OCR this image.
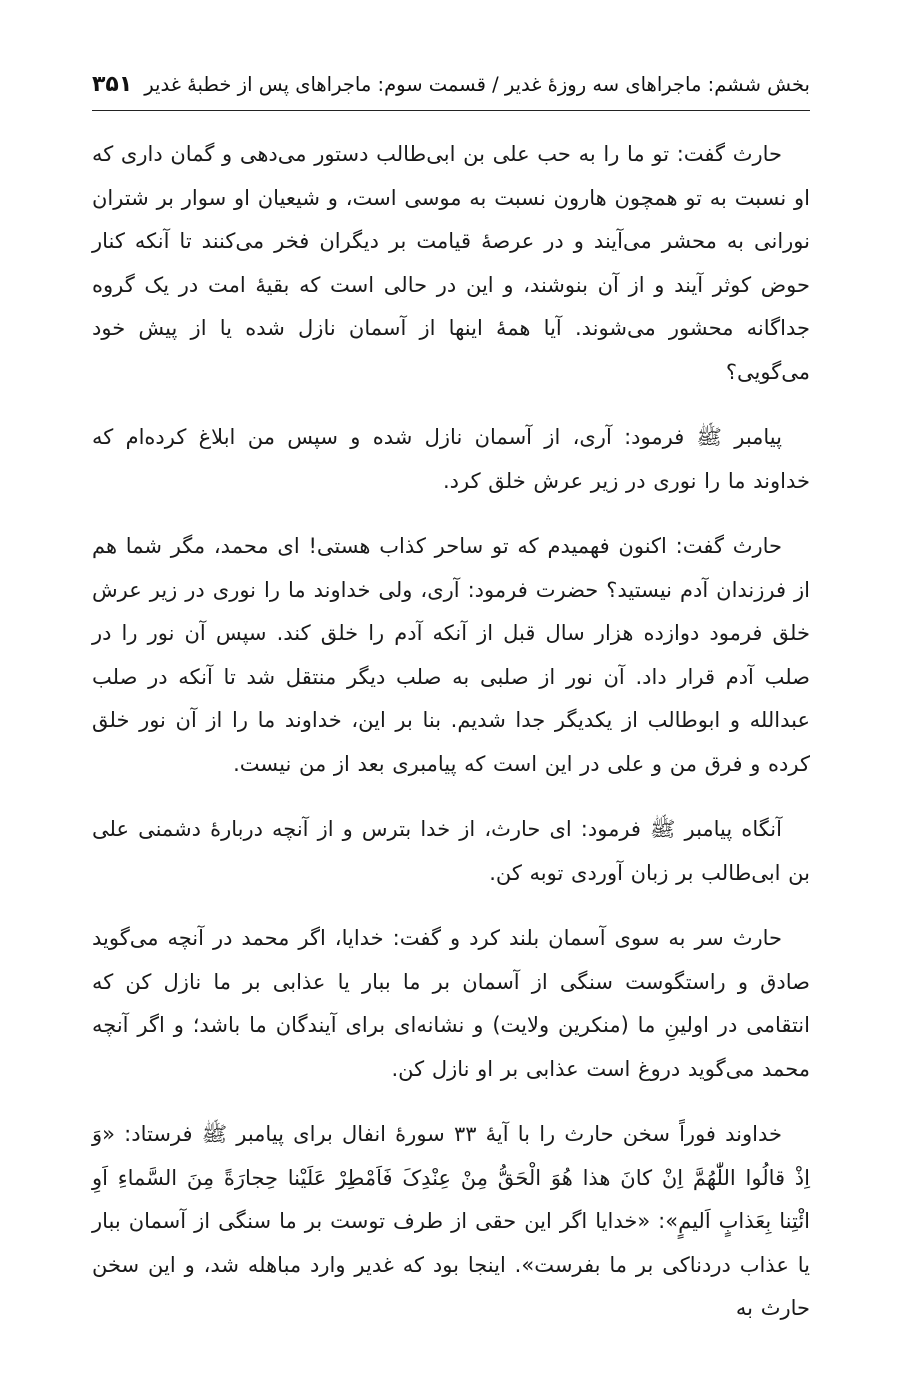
بخش ششم: ماجراهای سه روزهٔ غدیر / قسمت سوم: ماجراهای پس از خطبهٔ غدیر
۳۵۱

حارث گفت: تو ما را به حب علی بن ابی‌طالب دستور می‌دهی و گمان داری که او نسبت به تو همچون هارون نسبت به موسی است، و شیعیان او سوار بر شتران نورانی به محشر می‌آیند و در عرصهٔ قیامت بر دیگران فخر می‌کنند تا آنکه کنار حوض کوثر آیند و از آن بنوشند، و این در حالی است که بقیهٔ امت در یک گروه جداگانه محشور می‌شوند. آیا همهٔ اینها از آسمان نازل شده یا از پیش خود می‌گویی؟

پیامبر ﷺ فرمود: آری، از آسمان نازل شده و سپس من ابلاغ کرده‌ام که خداوند ما را نوری در زیر عرش خلق کرد.

حارث گفت: اکنون فهمیدم که تو ساحر کذاب هستی! ای محمد، مگر شما هم از فرزندان آدم نیستید؟ حضرت فرمود: آری، ولی خداوند ما را نوری در زیر عرش خلق فرمود دوازده هزار سال قبل از آنکه آدم را خلق کند. سپس آن نور را در صلب آدم قرار داد. آن نور از صلبی به صلب دیگر منتقل شد تا آنکه در صلب عبدالله و ابوطالب از یکدیگر جدا شدیم. بنا بر این، خداوند ما را از آن نور خلق کرده و فرق من و علی در این است که پیامبری بعد از من نیست.

آنگاه پیامبر ﷺ فرمود: ای حارث، از خدا بترس و از آنچه دربارهٔ دشمنی علی بن ابی‌طالب بر زبان آوردی توبه کن.

حارث سر به سوی آسمان بلند کرد و گفت: خدایا، اگر محمد در آنچه می‌گوید صادق و راستگوست سنگی از آسمان بر ما ببار یا عذابی بر ما نازل کن که انتقامی در اولینِ ما (منکرین ولایت) و نشانه‌ای برای آیندگان ما باشد؛ و اگر آنچه محمد می‌گوید دروغ است عذابی بر او نازل کن.

خداوند فوراً سخن حارث را با آیهٔ ۳۳ سورهٔ انفال برای پیامبر ﷺ فرستاد: «وَ اِذْ قالُوا اللّٰهُمَّ اِنْ کانَ هذا هُوَ الْحَقُّ مِنْ عِنْدِکَ فَاَمْطِرْ عَلَیْنا حِجارَةً مِنَ السَّماءِ اَوِ ائْتِنا بِعَذابٍ اَلیمٍ»: «خدایا اگر این حقی از طرف توست بر ما سنگی از آسمان ببار یا عذاب دردناکی بر ما بفرست». اینجا بود که غدیر وارد مباهله شد، و این سخن حارث به
